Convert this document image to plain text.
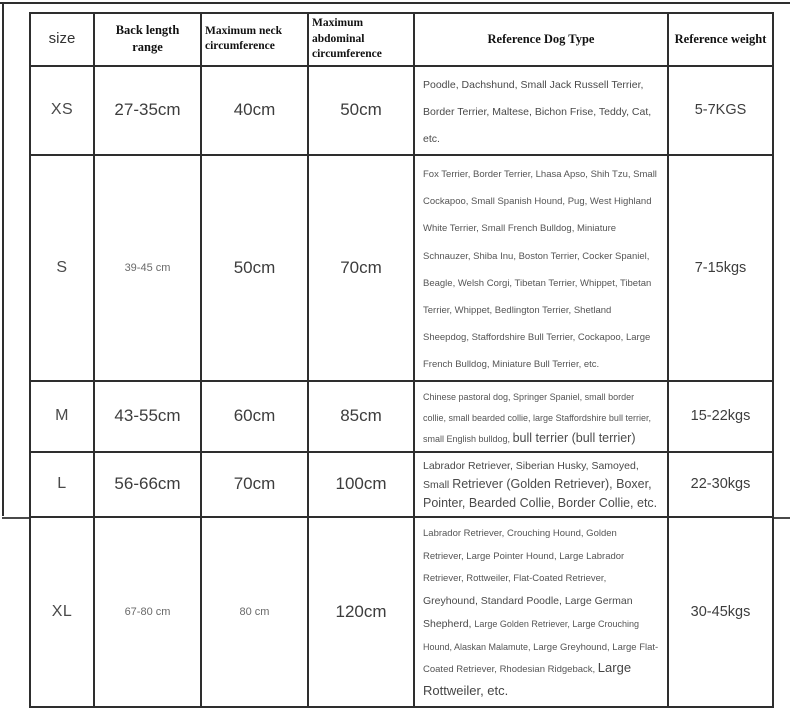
size	Back length range	Maximum neck circumference	Maximum abdominal circumference	Reference Dog Type	Reference weight
XS	27-35cm	40cm	50cm	Poodle, Dachshund, Small Jack Russell Terrier, Border Terrier, Maltese, Bichon Frise, Teddy, Cat, etc.	5-7KGS
S	39-45 cm	50cm	70cm	Fox Terrier, Border Terrier, Lhasa Apso, Shih Tzu, Small Cockapoo, Small Spanish Hound, Pug, West Highland White Terrier, Small French Bulldog, Miniature Schnauzer, Shiba Inu, Boston Terrier, Cocker Spaniel, Beagle, Welsh Corgi, Tibetan Terrier, Whippet, Tibetan Terrier, Whippet, Bedlington Terrier, Shetland Sheepdog, Staffordshire Bull Terrier, Cockapoo, Large French Bulldog, Miniature Bull Terrier, etc.	7-15kgs
M	43-55cm	60cm	85cm	Chinese pastoral dog, Springer Spaniel, small border collie, small bearded collie, large Staffordshire bull terrier, small English bulldog, bull terrier (bull terrier)	15-22kgs
L	56-66cm	70cm	100cm	Labrador Retriever, Siberian Husky, Samoyed, Small Retriever (Golden Retriever), Boxer, Pointer, Bearded Collie, Border Collie, etc.	22-30kgs
XL	67-80 cm	80 cm	120cm	Labrador Retriever, Crouching Hound, Golden Retriever, Large Pointer Hound, Large Labrador Retriever, Rottweiler, Flat-Coated Retriever, Greyhound, Standard Poodle, Large German Shepherd, Large Golden Retriever, Large Crouching Hound, Alaskan Malamute, Large Greyhound, Large Flat-Coated Retriever, Rhodesian Ridgeback, Large Rottweiler, etc.	30-45kgs
